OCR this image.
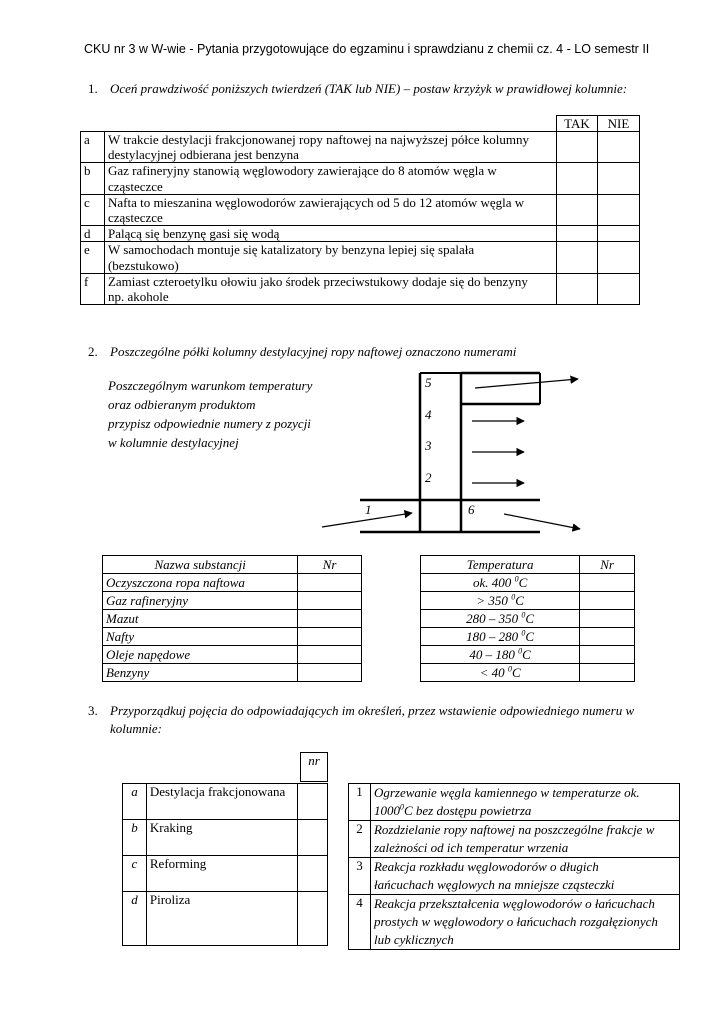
CKU nr 3 w W-wie - Pytania przygotowujące do egzaminu i sprawdzianu z chemii cz. 4 - LO semestr II
1. Oceń prawdziwość poniższych twierdzeń (TAK lub NIE) – postaw krzyżyk w prawidłowej kolumnie:
		TAK	NIE

a	W trakcie destylacji frakcjonowanej ropy naftowej na najwyższej półce kolumny
destylacyjnej odbierana jest benzyna		

b	Gaz rafineryjny stanowią węglowodory zawierające do 8 atomów węgla w
cząsteczce		

c	Nafta to mieszanina węglowodorów zawierających od 5 do 12 atomów węgla w
cząsteczce		

d	Palącą się benzynę gasi się wodą		

e	W samochodach montuje się katalizatory by benzyna lepiej się spalała
(bezstukowo)		

f	Zamiast czteroetylku ołowiu jako środek przeciwstukowy dodaje się do benzyny
np. akohole		

2. Poszczególne półki kolumny destylacyjnej ropy naftowej oznaczono numerami
Poszczególnym warunkom temperatury
oraz odbieranym produktom
przypisz odpowiednie numery z pozycji
w kolumnie destylacyjnej
5
4
3
2
1	6
Nazwa substancji	Nr
Oczyszczona ropa naftowa	
Gaz rafineryjny	
Mazut	
Nafty	
Oleje napędowe	
Benzyny	
Temperatura	Nr
ok. 400 $^0$C	
> 350 $^0$C	
280 – 350 $^0$C	
180 – 280 $^0$C	
40 – 180 $^0$C	
< 40 $^0$C	
3. Przyporządkuj pojęcia do odpowiadających im określeń, przez wstawienie odpowiedniego numeru w
kolumnie:
nr
a	Destylacja frakcjonowana	
b	Kraking	
c	Reforming	
d	Piroliza	
1	Ogrzewanie węgla kamiennego w temperaturze ok.
1000$^0$C bez dostępu powietrza

2	Rozdzielanie ropy naftowej na poszczególne frakcje w
zależności od ich temperatur wrzenia

3	Reakcja rozkładu węglowodorów o długich
łańcuchach węglowych na mniejsze cząsteczki

4	Reakcja przekształcenia węglowodorów o łańcuchach
prostych w węglowodory o łańcuchach rozgałęzionych
lub cyklicznych
